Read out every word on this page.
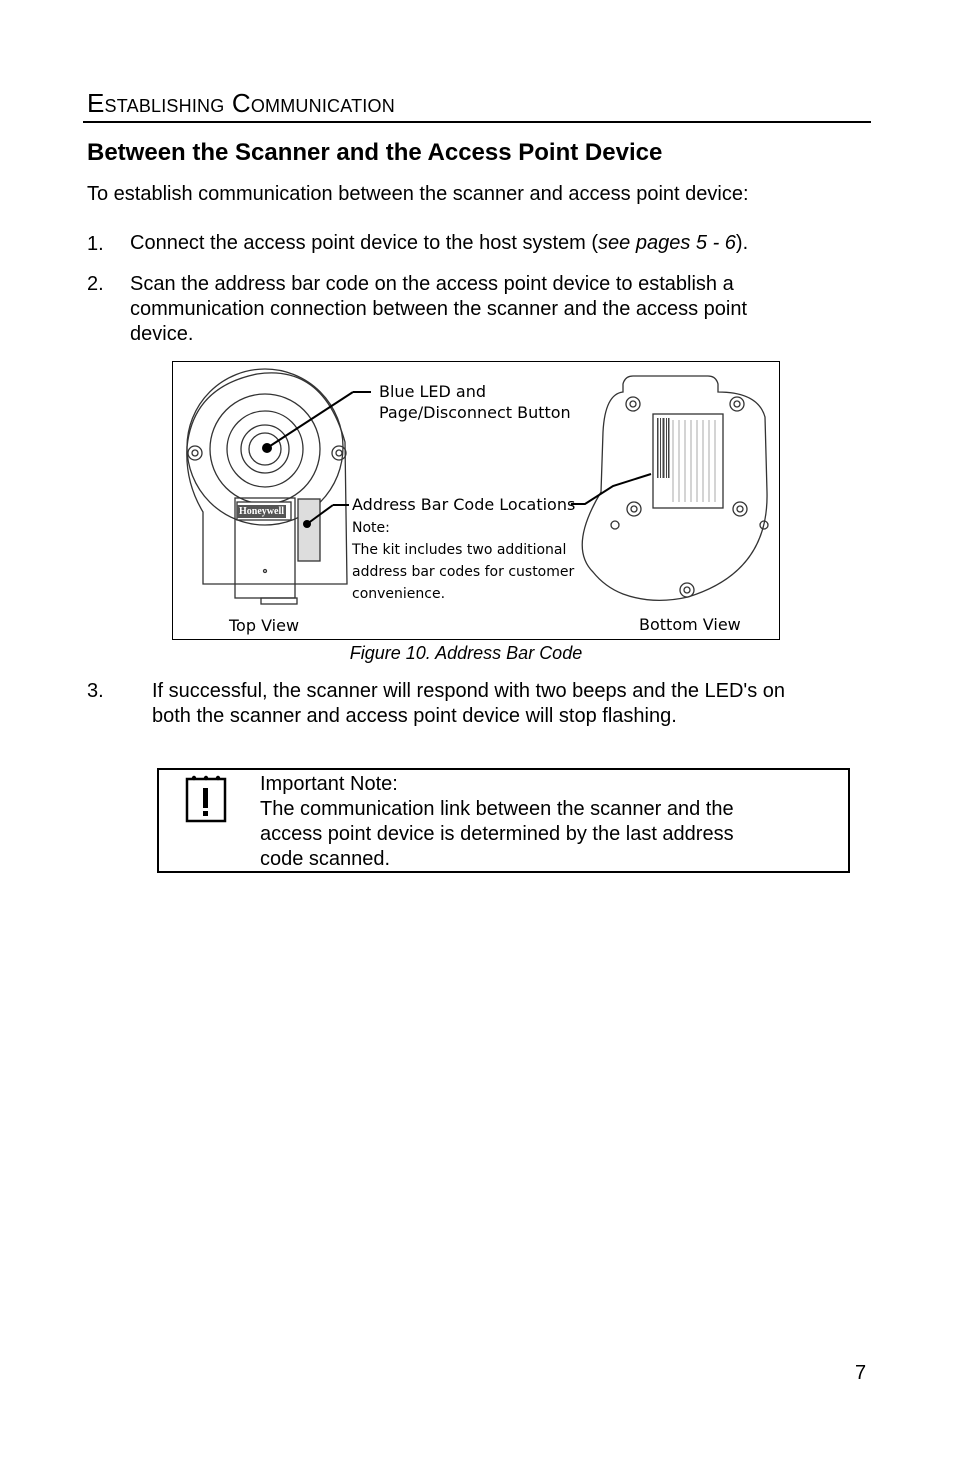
Establishing Communication
Between the Scanner and the Access Point Device
To establish communication between the scanner and access point device:
1. Connect the access point device to the host system (see pages 5 - 6).
2. Scan the address bar code on the access point device to establish a
communication connection between the scanner and the access point
device.
Honeywell
Blue LED and
Page/Disconnect Button
Address Bar Code Locations
Note:
The kit includes two additional
address bar codes for customer
convenience.
Top View	Bottom View
Figure 10. Address Bar Code
3. If successful, the scanner will respond with two beeps and the LED's on
both the scanner and access point device will stop flashing.
Important Note:
The communication link between the scanner and the
access point device is determined by the last address
code scanned.
7
